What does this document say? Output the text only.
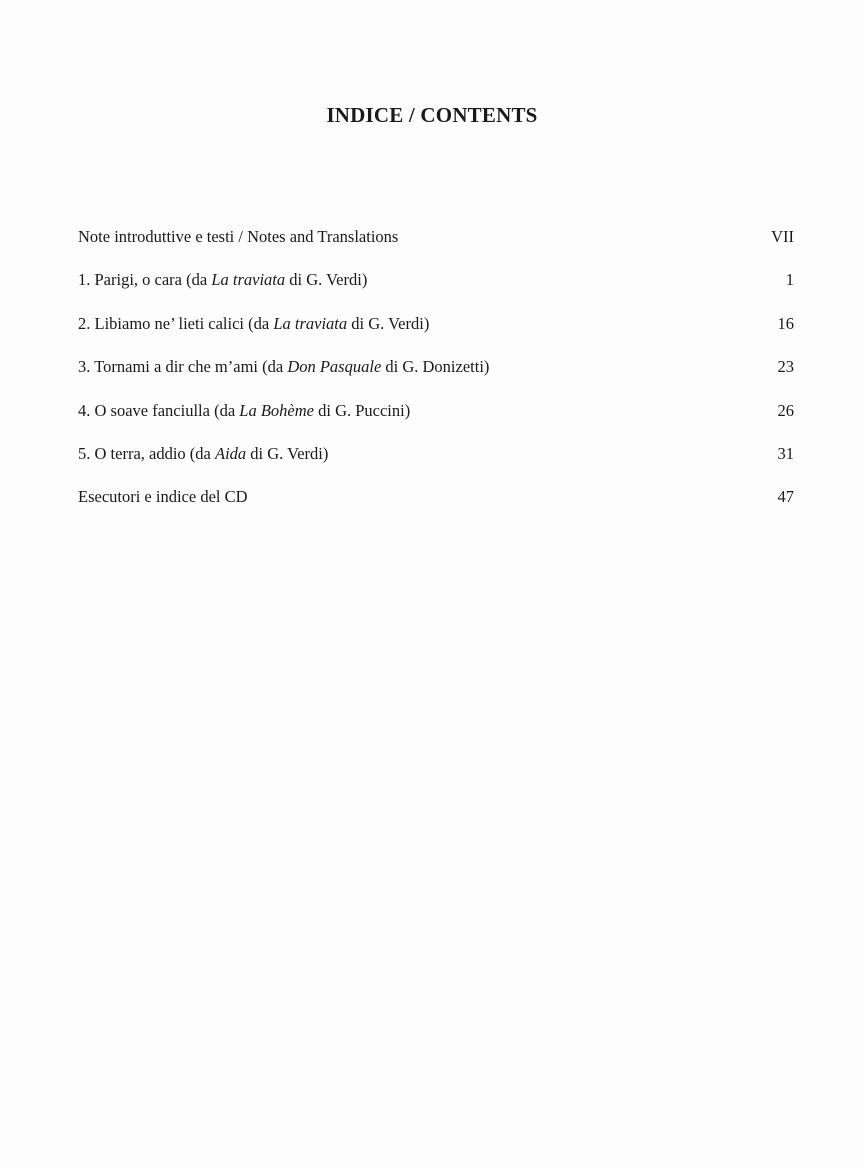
INDICE / CONTENTS
Note introduttive e testi / Notes and Translations	VII
1. Parigi, o cara (da La traviata di G. Verdi)	1
2. Libiamo ne’ lieti calici (da La traviata di G. Verdi)	16
3. Tornami a dir che m’ami (da Don Pasquale di G. Donizetti)	23
4. O soave fanciulla (da La Bohème di G. Puccini)	26
5. O terra, addio (da Aida di G. Verdi)	31
Esecutori e indice del CD	47
